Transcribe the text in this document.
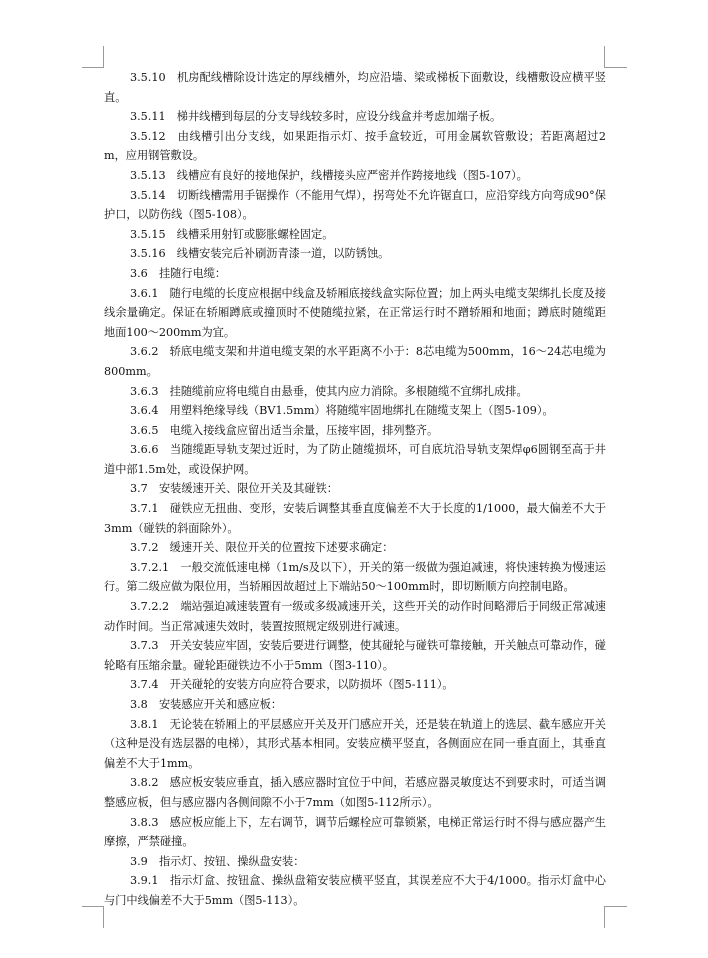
3.5.10　机房配线槽除设计选定的厚线槽外，均应沿墙、梁或梯板下面敷设，线槽敷设应横平竖直。

3.5.11　梯井线槽到每层的分支导线较多时，应设分线盒并考虑加端子板。

3.5.12　由线槽引出分支线，如果距指示灯、按手盒较近，可用金属软管敷设；若距离超过2m，应用钢管敷设。

3.5.13　线槽应有良好的接地保护，线槽接头应严密并作跨接地线（图5-107）。

3.5.14　切断线槽需用手锯操作（不能用气焊），拐弯处不允许锯直口，应沿穿线方向弯成90°保护口，以防伤线（图5-108）。

3.5.15　线槽采用射钉或膨胀螺栓固定。

3.5.16　线槽安装完后补刷沥青漆一道，以防锈蚀。

3.6　挂随行电缆：

3.6.1　随行电缆的长度应根据中线盒及轿厢底接线盒实际位置；加上两头电缆支架绑扎长度及接线余量确定。保证在轿厢蹲底或撞顶时不使随缆拉紧，在正常运行时不蹭轿厢和地面；蹲底时随缆距地面100～200mm为宜。

3.6.2　轿底电缆支架和井道电缆支架的水平距离不小于：8芯电缆为500mm，16～24芯电缆为800mm。

3.6.3　挂随缆前应将电缆自由悬垂，使其内应力消除。多根随缆不宜绑扎成排。

3.6.4　用塑料绝缘导线（BV1.5mm）将随缆牢固地绑扎在随缆支架上（图5-109）。

3.6.5　电缆入接线盒应留出适当余量，压接牢固，排列整齐。

3.6.6　当随缆距导轨支架过近时，为了防止随缆损坏，可自底坑沿导轨支架焊φ6圆钢至高于井道中部1.5m处，或设保护网。

3.7　安装缓速开关、限位开关及其碰铁：

3.7.1　碰铁应无扭曲、变形，安装后调整其垂直度偏差不大于长度的1/1000，最大偏差不大于3mm（碰铁的斜面除外）。

3.7.2　缓速开关、限位开关的位置按下述要求确定：

3.7.2.1　一般交流低速电梯（1m/s及以下），开关的第一级做为强迫减速，将快速转换为慢速运行。第二级应做为限位用，当轿厢因故超过上下端站50～100mm时，即切断顺方向控制电路。

3.7.2.2　端站强迫减速装置有一级或多级减速开关，这些开关的动作时间略滞后于同级正常减速动作时间。当正常减速失效时，装置按照规定级别进行减速。

3.7.3　开关安装应牢固，安装后要进行调整，使其碰轮与碰铁可靠接触，开关触点可靠动作，碰轮略有压缩余量。碰轮距碰铁边不小于5mm（图3-110）。

3.7.4　开关碰轮的安装方向应符合要求，以防损坏（图5-111）。

3.8　安装感应开关和感应板：

3.8.1　无论装在轿厢上的平层感应开关及开门感应开关，还是装在轨道上的选层、截车感应开关（这种是没有选层器的电梯），其形式基本相同。安装应横平竖直，各侧面应在同一垂直面上，其垂直偏差不大于1mm。

3.8.2　感应板安装应垂直，插入感应器时宜位于中间，若感应器灵敏度达不到要求时，可适当调整感应板，但与感应器内各侧间隙不小于7mm（如图5-112所示）。

3.8.3　感应板应能上下，左右调节，调节后螺栓应可靠锁紧，电梯正常运行时不得与感应器产生摩擦，严禁碰撞。

3.9　指示灯、按钮、操纵盘安装：

3.9.1　指示灯盒、按钮盒、操纵盘箱安装应横平竖直，其误差应不大于4/1000。指示灯盒中心与门中线偏差不大于5mm（图5-113）。
